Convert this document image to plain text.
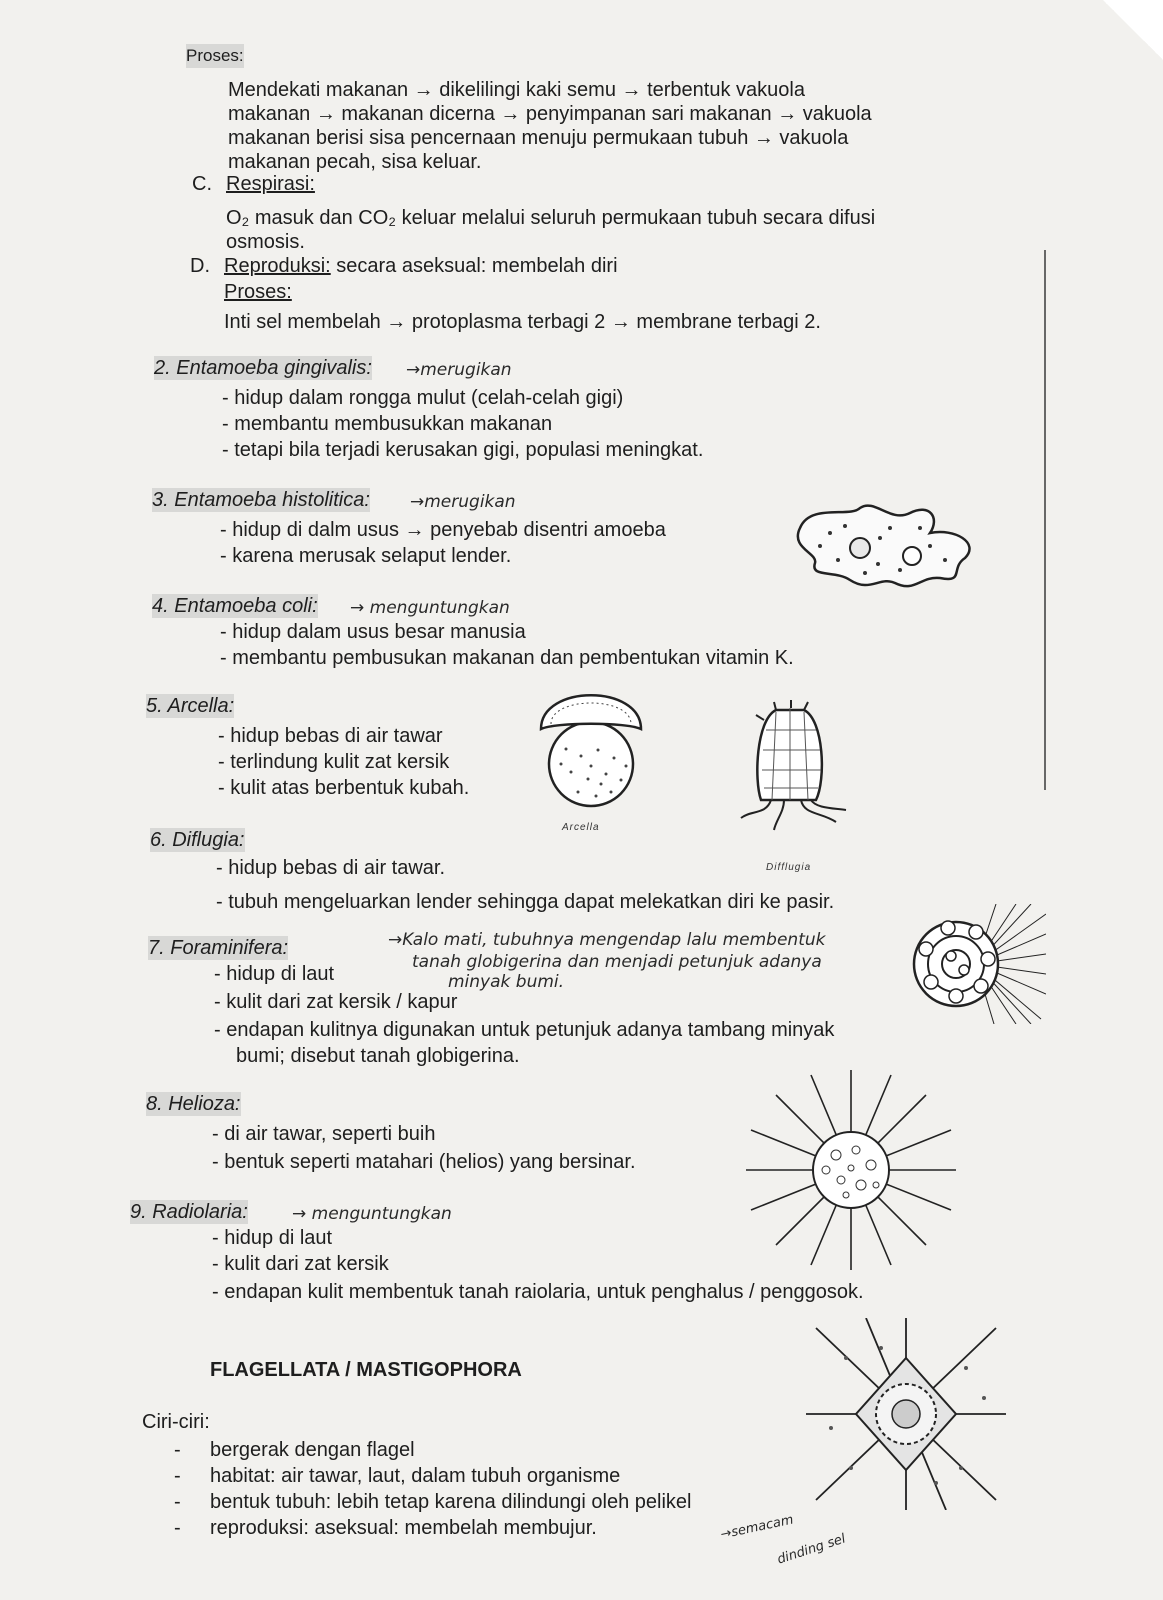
Proses:
Mendekati makanan → dikelilingi kaki semu → terbentuk vakuola
makanan → makanan dicerna → penyimpanan sari makanan → vakuola
makanan berisi sisa pencernaan menuju permukaan tubuh → vakuola
makanan pecah, sisa keluar.
C. Respirasi:
O₂ masuk dan CO₂ keluar melalui seluruh permukaan tubuh secara difusi
osmosis.
D. Reproduksi: secara aseksual: membelah diri
Proses:
Inti sel membelah → protoplasma terbagi 2 → membrane terbagi 2.
2. Entamoeba gingivalis: →merugikan
- hidup dalam rongga mulut (celah-celah gigi)
- membantu membusukkan makanan
- tetapi bila terjadi kerusakan gigi, populasi meningkat.
3. Entamoeba histolitica: →merugikan
- hidup di dalm usus → penyebab disentri amoeba
- karena merusak selaput lender.
4. Entamoeba coli: → menguntungkan
- hidup dalam usus besar manusia
- membantu pembusukan makanan dan pembentukan vitamin K.
5. Arcella:
- hidup bebas di air tawar
- terlindung kulit zat kersik
- kulit atas berbentuk kubah.
Arcella
Difflugia
6. Diflugia:
- hidup bebas di air tawar.
- tubuh mengeluarkan lender sehingga dapat melekatkan diri ke pasir.
7. Foraminifera:	→Kalo mati, tubuhnya mengendap lalu membentuk
tanah globigerina dan menjadi petunjuk adanya
minyak bumi.
- hidup di laut
- kulit dari zat kersik / kapur
- endapan kulitnya digunakan untuk petunjuk adanya tambang minyak
bumi; disebut tanah globigerina.
8. Helioza:
- di air tawar, seperti buih
- bentuk seperti matahari (helios) yang bersinar.
9. Radiolaria:	→ menguntungkan
- hidup di laut
- kulit dari zat kersik
- endapan kulit membentuk tanah raiolaria, untuk penghalus / penggosok.
FLAGELLATA / MASTIGOPHORA
Ciri-ciri:
- bergerak dengan flagel
- habitat: air tawar, laut, dalam tubuh organisme
- bentuk tubuh: lebih tetap karena dilindungi oleh pelikel
- reproduksi: aseksual: membelah membujur.	→semacam
dinding sel
